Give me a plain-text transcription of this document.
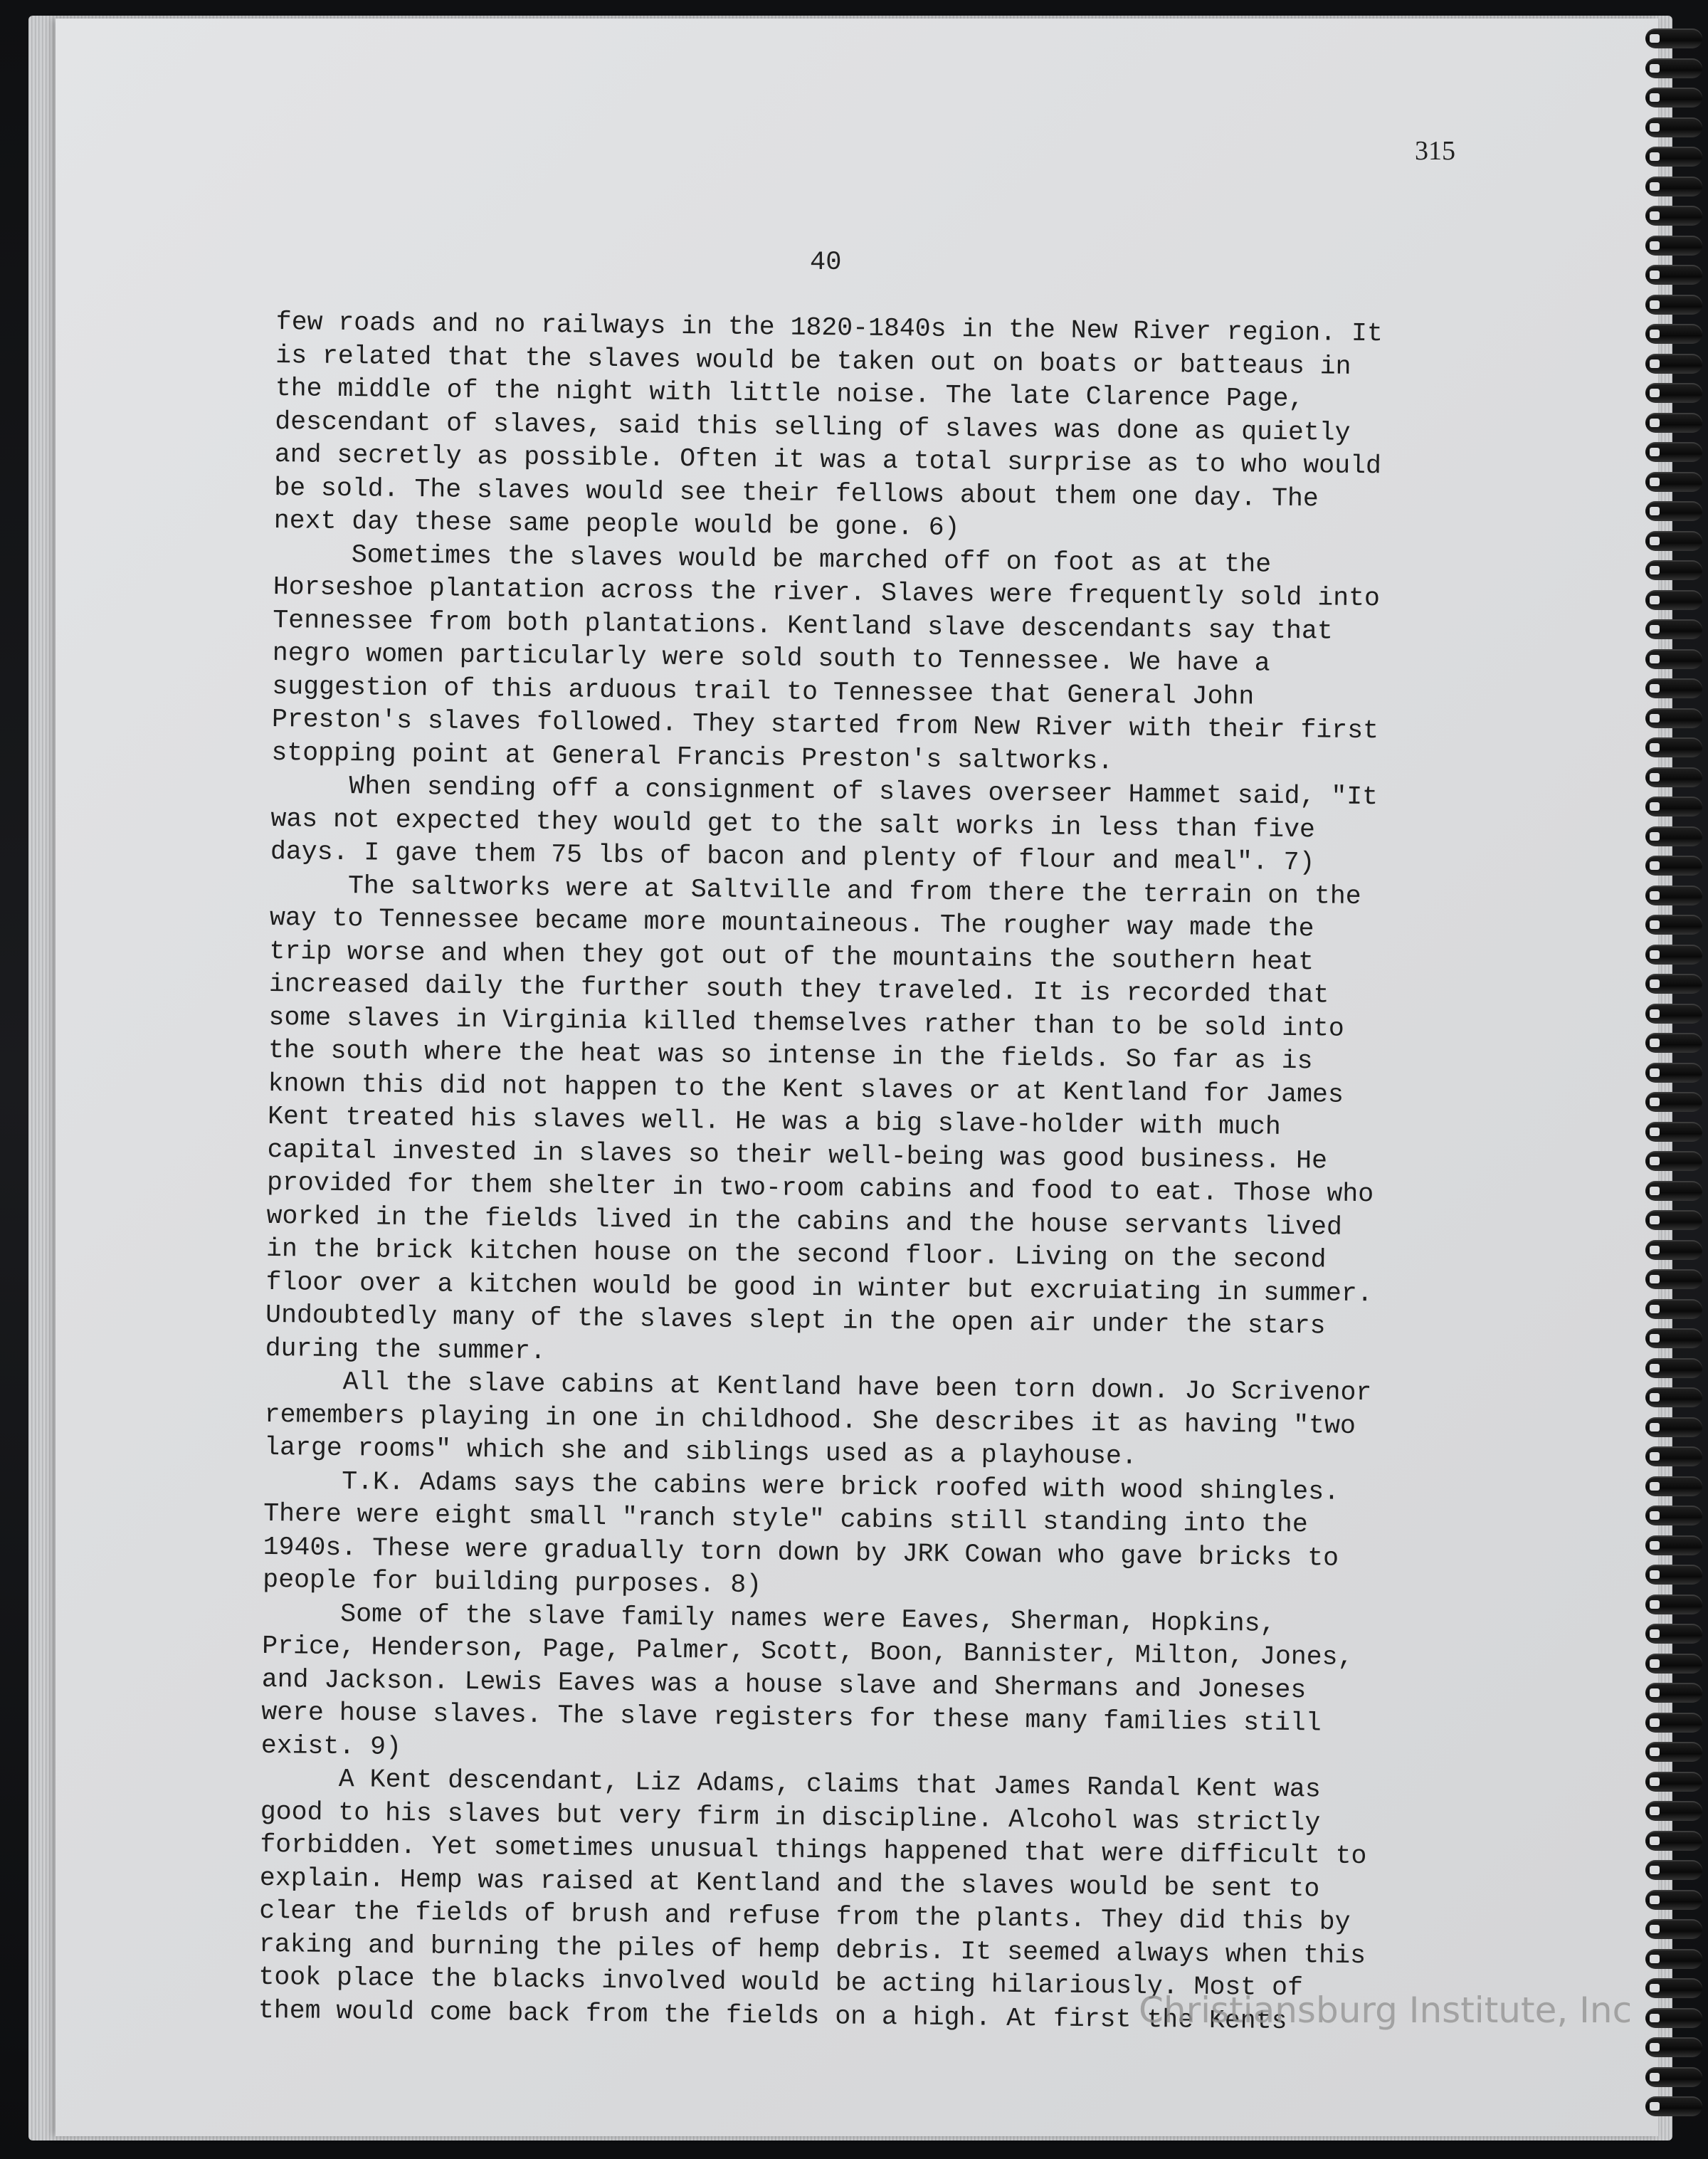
315
40
few roads and no railways in the 1820-1840s in the New River region. It
is related that the slaves would be taken out on boats or batteaus in
the middle of the night with little noise. The late Clarence Page,
descendant of slaves, said this selling of slaves was done as quietly
and secretly as possible. Often it was a total surprise as to who would
be sold. The slaves would see their fellows about them one day. The
next day these same people would be gone. 6)
Sometimes the slaves would be marched off on foot as at the
Horseshoe plantation across the river. Slaves were frequently sold into
Tennessee from both plantations. Kentland slave descendants say that
negro women particularly were sold south to Tennessee. We have a
suggestion of this arduous trail to Tennessee that General John
Preston's slaves followed. They started from New River with their first
stopping point at General Francis Preston's saltworks.
When sending off a consignment of slaves overseer Hammet said, "It
was not expected they would get to the salt works in less than five
days. I gave them 75 lbs of bacon and plenty of flour and meal". 7)
The saltworks were at Saltville and from there the terrain on the
way to Tennessee became more mountaineous. The rougher way made the
trip worse and when they got out of the mountains the southern heat
increased daily the further south they traveled. It is recorded that
some slaves in Virginia killed themselves rather than to be sold into
the south where the heat was so intense in the fields. So far as is
known this did not happen to the Kent slaves or at Kentland for James
Kent treated his slaves well. He was a big slave-holder with much
capital invested in slaves so their well-being was good business. He
provided for them shelter in two-room cabins and food to eat. Those who
worked in the fields lived in the cabins and the house servants lived
in the brick kitchen house on the second floor. Living on the second
floor over a kitchen would be good in winter but excruiating in summer.
Undoubtedly many of the slaves slept in the open air under the stars
during the summer.
All the slave cabins at Kentland have been torn down. Jo Scrivenor
remembers playing in one in childhood. She describes it as having "two
large rooms" which she and siblings used as a playhouse.
T.K. Adams says the cabins were brick roofed with wood shingles.
There were eight small "ranch style" cabins still standing into the
1940s. These were gradually torn down by JRK Cowan who gave bricks to
people for building purposes. 8)
Some of the slave family names were Eaves, Sherman, Hopkins,
Price, Henderson, Page, Palmer, Scott, Boon, Bannister, Milton, Jones,
and Jackson. Lewis Eaves was a house slave and Shermans and Joneses
were house slaves. The slave registers for these many families still
exist. 9)
A Kent descendant, Liz Adams, claims that James Randal Kent was
good to his slaves but very firm in discipline. Alcohol was strictly
forbidden. Yet sometimes unusual things happened that were difficult to
explain. Hemp was raised at Kentland and the slaves would be sent to
clear the fields of brush and refuse from the plants. They did this by
raking and burning the piles of hemp debris. It seemed always when this
took place the blacks involved would be acting hilariously. Most of
them would come back from the fields on a high. At first the Kents
Christiansburg Institute, Inc
